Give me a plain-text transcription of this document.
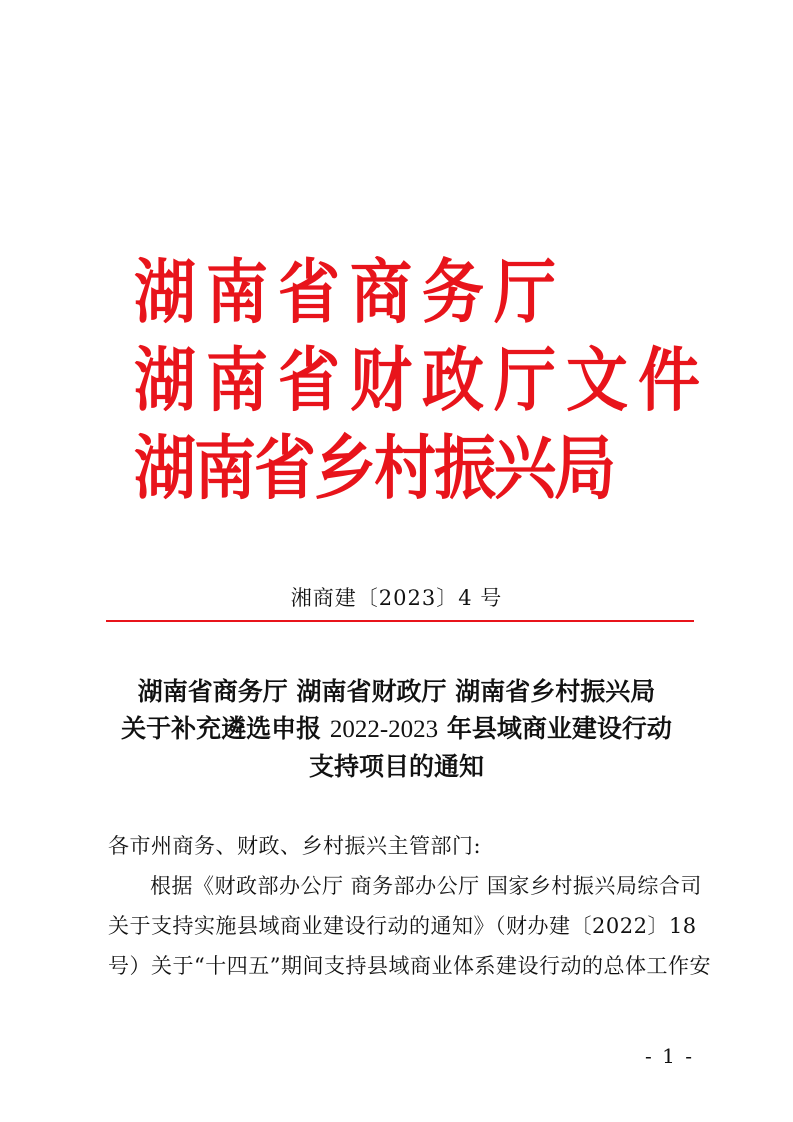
湖南省商务厅
湖南省财政厅文件
湖南省乡村振兴局
湘商建〔2023〕4 号
湖南省商务厅 湖南省财政厅 湖南省乡村振兴局
关于补充遴选申报 2022-2023 年县域商业建设行动
支持项目的通知
各市州商务、财政、乡村振兴主管部门:
根据《财政部办公厅 商务部办公厅 国家乡村振兴局综合司
关于支持实施县域商业建设行动的通知》（财办建〔2022〕18
号）关于“十四五”期间支持县域商业体系建设行动的总体工作安
- 1 -
